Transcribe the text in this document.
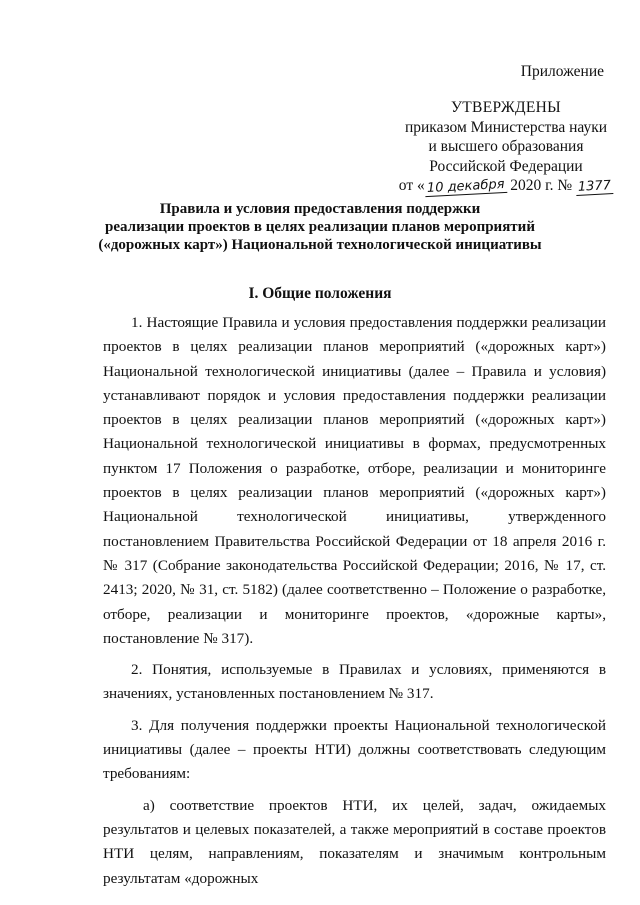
Приложение
УТВЕРЖДЕНЫ
приказом Министерства науки
и высшего образования
Российской Федерации
от « 10 декабря 2020 г. № 1377
Правила и условия предоставления поддержки
реализации проектов в целях реализации планов мероприятий
(«дорожных карт») Национальной технологической инициативы
I. Общие положения

1. Настоящие Правила и условия предоставления поддержки реализации проектов в целях реализации планов мероприятий («дорожных карт») Национальной технологической инициативы (далее – Правила и условия) устанавливают порядок и условия предоставления поддержки реализации проектов в целях реализации планов мероприятий («дорожных карт») Национальной технологической инициативы в формах, предусмотренных пунктом 17 Положения о разработке, отборе, реализации и мониторинге проектов в целях реализации планов мероприятий («дорожных карт») Национальной технологической инициативы, утвержденного постановлением Правительства Российской Федерации от 18 апреля 2016 г. № 317 (Собрание законодательства Российской Федерации; 2016, № 17, ст. 2413; 2020, № 31, ст. 5182) (далее соответственно – Положение о разработке, отборе, реализации и мониторинге проектов, «дорожные карты», постановление № 317).

2. Понятия, используемые в Правилах и условиях, применяются в значениях, установленных постановлением № 317.

3. Для получения поддержки проекты Национальной технологической инициативы (далее – проекты НТИ) должны соответствовать следующим требованиям:

а) соответствие проектов НТИ, их целей, задач, ожидаемых результатов и целевых показателей, а также мероприятий в составе проектов НТИ целям, направлениям, показателям и значимым контрольным результатам «дорожных
